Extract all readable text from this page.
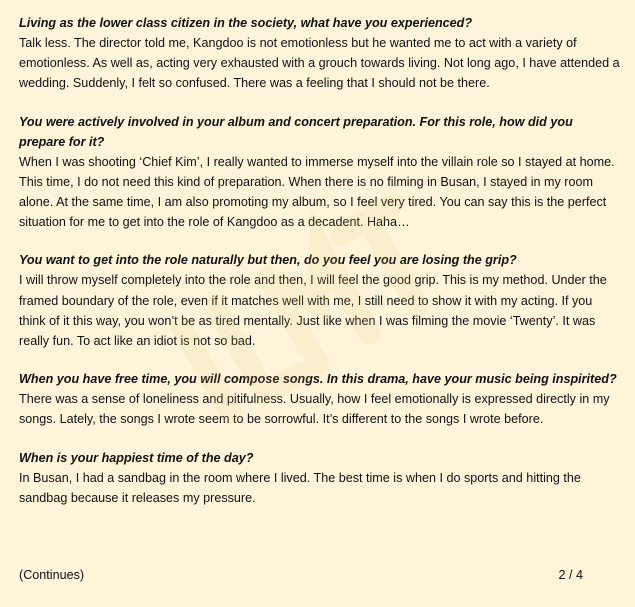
Living as the lower class citizen in the society, what have you experienced?

Talk less. The director told me, Kangdoo is not emotionless but he wanted me to act with a variety of emotionless. As well as, acting very exhausted with a grouch towards living. Not long ago, I have attended a wedding. Suddenly, I felt so confused. There was a feeling that I should not be there.

You were actively involved in your album and concert preparation. For this role, how did you prepare for it?

When I was shooting ‘Chief Kim’, I really wanted to immerse myself into the villain role so I stayed at home. This time, I do not need this kind of preparation. When there is no filming in Busan, I stayed in my room alone. At the same time, I am also promoting my album, so I feel very tired. You can say this is the perfect situation for me to get into the role of Kangdoo as a decadent. Haha…

You want to get into the role naturally but then, do you feel you are losing the grip?

I will throw myself completely into the role and then, I will feel the good grip. This is my method. Under the framed boundary of the role, even if it matches well with me, I still need to show it with my acting. If you think of it this way, you won’t be as tired mentally. Just like when I was filming the movie ‘Twenty’. It was really fun. To act like an idiot is not so bad.

When you have free time, you will compose songs. In this drama, have your music being inspirited?

There was a sense of loneliness and pitifulness. Usually, how I feel emotionally is expressed directly in my songs. Lately, the songs I wrote seem to be sorrowful. It’s different to the songs I wrote before.

When is your happiest time of the day?

In Busan, I had a sandbag in the room where I lived. The best time is when I do sports and hitting the sandbag because it releases my pressure.

(Continues)	2 / 4
